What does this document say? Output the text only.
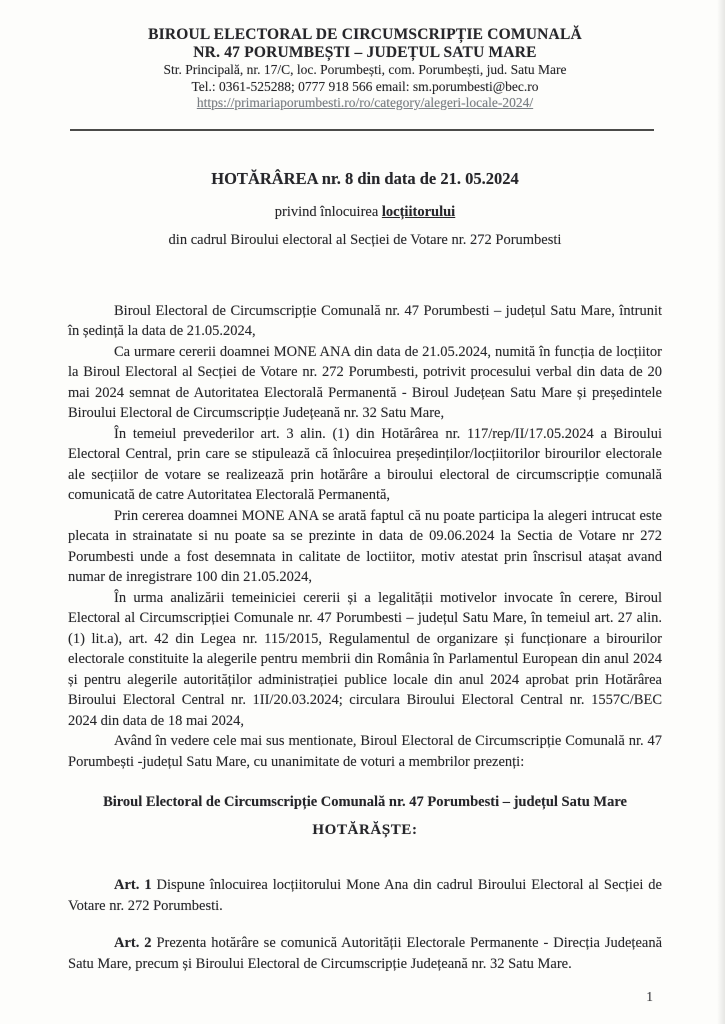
BIROUL ELECTORAL DE CIRCUMSCRIPȚIE COMUNALĂ
NR. 47 PORUMBEȘTI – JUDEȚUL SATU MARE
Str. Principală, nr. 17/C, loc. Porumbești, com. Porumbești, jud. Satu Mare
Tel.: 0361-525288; 0777 918 566 email: sm.porumbesti@bec.ro
https://primariaporumbesti.ro/ro/category/alegeri-locale-2024/
HOTĂRÂREA nr. 8 din data de 21. 05.2024
privind înlocuirea locțiitorului
din cadrul Biroului electoral al Secției de Votare nr. 272 Porumbesti

Biroul Electoral de Circumscripție Comunală nr. 47 Porumbesti – județul Satu Mare, întrunit în ședință la data de 21.05.2024,

Ca urmare cererii doamnei MONE ANA din data de 21.05.2024, numită în funcția de locțiitor la Biroul Electoral al Secției de Votare nr. 272 Porumbesti, potrivit procesului verbal din data de 20 mai 2024 semnat de Autoritatea Electorală Permanentă - Biroul Județean Satu Mare și președintele Biroului Electoral de Circumscripție Județeană nr. 32 Satu Mare,

În temeiul prevederilor art. 3 alin. (1) din Hotărârea nr. 117/rep/II/17.05.2024 a Biroului Electoral Central, prin care se stipulează că înlocuirea președinților/locțiitorilor birourilor electorale ale secțiilor de votare se realizează prin hotărâre a biroului electoral de circumscripție comunală comunicată de catre Autoritatea Electorală Permanentă,

Prin cererea doamnei MONE ANA se arată faptul că nu poate participa la alegeri intrucat este plecata in strainatate si nu poate sa se prezinte in data de 09.06.2024 la Sectia de Votare nr 272 Porumbesti unde a fost desemnata in calitate de loctiitor, motiv atestat prin înscrisul atașat avand numar de inregistrare 100 din 21.05.2024,

În urma analizării temeiniciei cererii și a legalității motivelor invocate în cerere, Biroul Electoral al Circumscripției Comunale nr. 47 Porumbesti – județul Satu Mare, în temeiul art. 27 alin. (1) lit.a), art. 42 din Legea nr. 115/2015, Regulamentul de organizare și funcționare a birourilor electorale constituite la alegerile pentru membrii din România în Parlamentul European din anul 2024 și pentru alegerile autorităților administrației publice locale din anul 2024 aprobat prin Hotărârea Biroului Electoral Central nr. 1II/20.03.2024; circulara Biroului Electoral Central nr. 1557C/BEC 2024 din data de 18 mai 2024,

Având în vedere cele mai sus mentionate, Biroul Electoral de Circumscripție Comunală nr. 47 Porumbești -județul Satu Mare, cu unanimitate de voturi a membrilor prezenți:

Biroul Electoral de Circumscripție Comunală nr. 47 Porumbesti – județul Satu Mare
HOTĂRĂȘTE:

Art. 1 Dispune înlocuirea locțiitorului Mone Ana din cadrul Biroului Electoral al Secției de Votare nr. 272 Porumbesti.

Art. 2 Prezenta hotărâre se comunică Autorității Electorale Permanente - Direcția Județeană Satu Mare, precum și Biroului Electoral de Circumscripție Județeană nr. 32 Satu Mare.

1
